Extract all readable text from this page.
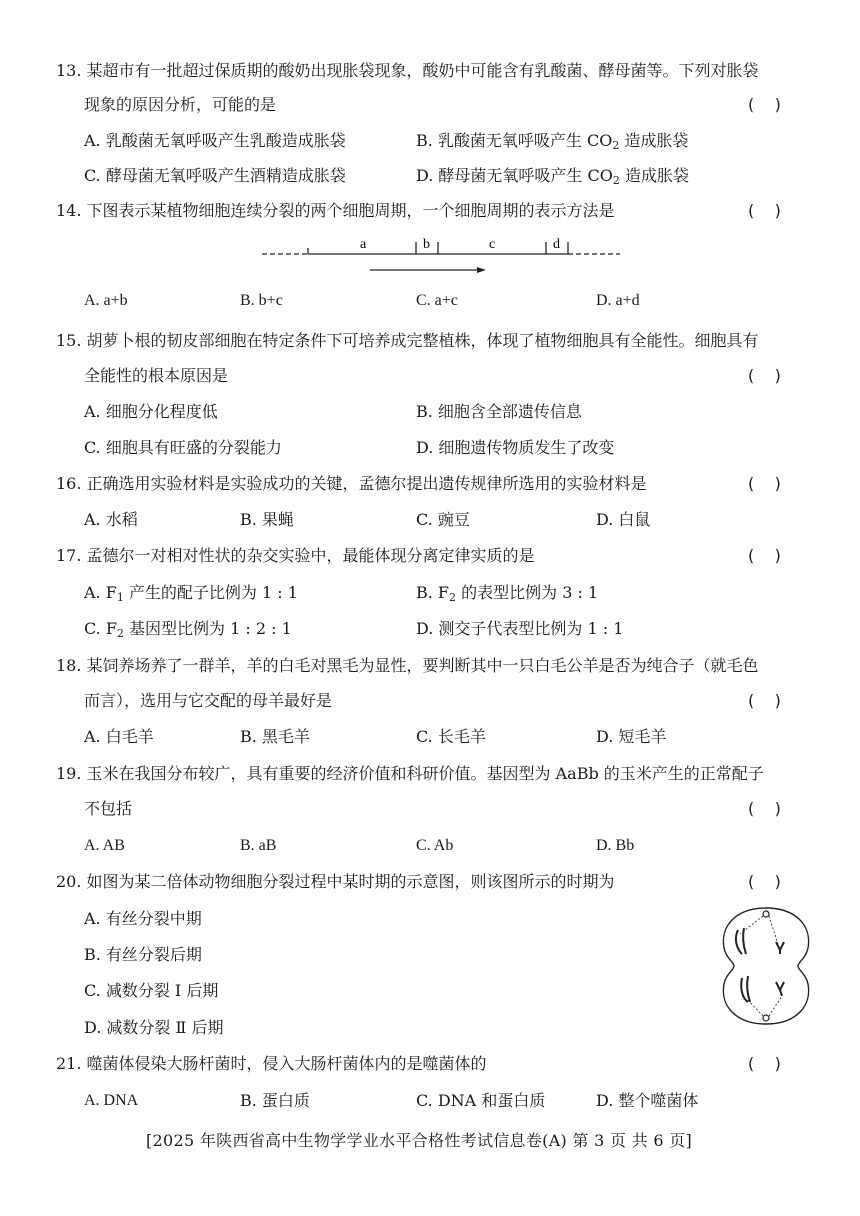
13. 某超市有一批超过保质期的酸奶出现胀袋现象，酸奶中可能含有乳酸菌、酵母菌等。下列对胀袋
现象的原因分析，可能的是	(    )
A. 乳酸菌无氧呼吸产生乳酸造成胀袋	B. 乳酸菌无氧呼吸产生 $CO_2$ 造成胀袋
C. 酵母菌无氧呼吸产生酒精造成胀袋	D. 酵母菌无氧呼吸产生 $CO_2$ 造成胀袋
14. 下图表示某植物细胞连续分裂的两个细胞周期，一个细胞周期的表示方法是	(    )
a	b	c	d
A. a+b	B. b+c	C. a+c	D. a+d
15. 胡萝卜根的韧皮部细胞在特定条件下可培养成完整植株，体现了植物细胞具有全能性。细胞具有
全能性的根本原因是	(    )
A. 细胞分化程度低	B. 细胞含全部遗传信息
C. 细胞具有旺盛的分裂能力	D. 细胞遗传物质发生了改变
16. 正确选用实验材料是实验成功的关键，孟德尔提出遗传规律所选用的实验材料是	(    )
A. 水稻	B. 果蝇	C. 豌豆	D. 白鼠
17. 孟德尔一对相对性状的杂交实验中，最能体现分离定律实质的是	(    )
A. $F_1$ 产生的配子比例为 1 : 1	B. $F_2$ 的表型比例为 3 : 1
C. $F_2$ 基因型比例为 1 : 2 : 1	D. 测交子代表型比例为 1 : 1
18. 某饲养场养了一群羊，羊的白毛对黑毛为显性，要判断其中一只白毛公羊是否为纯合子（就毛色
而言），选用与它交配的母羊最好是	(    )
A. 白毛羊	B. 黑毛羊	C. 长毛羊	D. 短毛羊
19. 玉米在我国分布较广，具有重要的经济价值和科研价值。基因型为 AaBb 的玉米产生的正常配子
不包括	(    )
A. AB	B. aB	C. Ab	D. Bb
20. 如图为某二倍体动物细胞分裂过程中某时期的示意图，则该图所示的时期为	(    )
A. 有丝分裂中期
B. 有丝分裂后期
C. 减数分裂 Ⅰ 后期
D. 减数分裂 Ⅱ 后期
21. 噬菌体侵染大肠杆菌时，侵入大肠杆菌体内的是噬菌体的	(    )
A. DNA	B. 蛋白质	C. DNA 和蛋白质	D. 整个噬菌体
[2025 年陕西省高中生物学学业水平合格性考试信息卷(A) 第 3 页 共 6 页]
